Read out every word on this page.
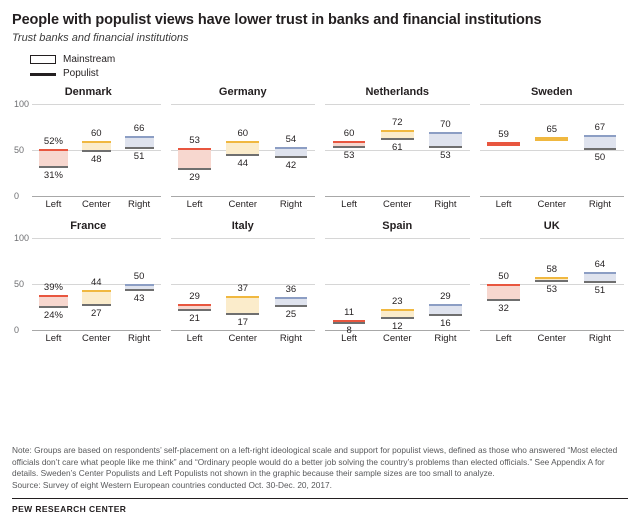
People with populist views have lower trust in banks and financial institutions
Trust banks and financial institutions
Mainstream
Populist
Denmark
0
50
100
52%
31%
60
48
66
51
Left	Center	Right
Germany
53
29
60
44
54
42
Left	Center	Right
Netherlands
60
53
72
61
70
53
Left	Center	Right
Sweden
59
65	67
50
Left	Center	Right
France
0
50
100
39%
24%
44
27
50
43
Left	Center	Right
Italy
29
21
37
17
36
25
Left	Center	Right
Spain
11
8
23
12
29
16
Left	Center	Right
UK
50
32
58
53
64
51
Left	Center	Right

Note: Groups are based on respondents’ self-placement on a left-right ideological scale and support for populist views, defined as those who answered “Most elected officials don’t care what people like me think” and “Ordinary people would do a better job solving the country’s problems than elected officials.” See Appendix A for details. Sweden’s Center Populists and Left Populists not shown in the graphic because their sample sizes are too small to analyze.

Source: Survey of eight Western European countries conducted Oct. 30-Dec. 20, 2017.

PEW RESEARCH CENTER
